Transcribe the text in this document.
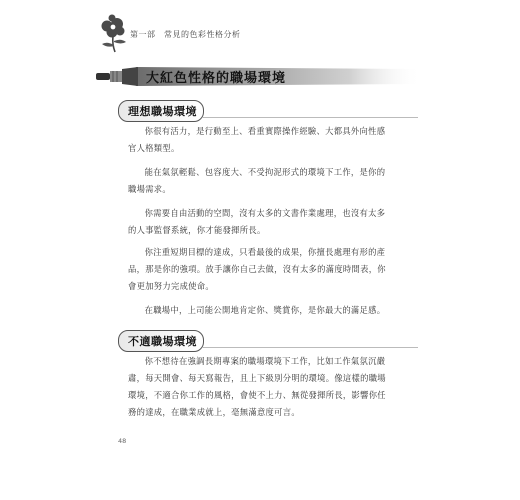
第一部　常見的色彩性格分析
大紅色性格的職場環境
理想職場環境

你很有活力，是行動至上、看重實際操作經驗、大都具外向性感官人格類型。

能在氣氛輕鬆、包容度大、不受拘泥形式的環境下工作，是你的職場需求。

你需要自由活動的空間，沒有太多的文書作業處理，也沒有太多的人事監督系統，你才能發揮所長。

你注重短期目標的達成，只看最後的成果，你擅長處理有形的產品，那是你的強項。放手讓你自己去做，沒有太多的滿度時間表，你會更加努力完成使命。

在職場中，上司能公開地肯定你、獎賞你，是你最大的滿足感。

不適職場環境

你不想待在強調長期專案的職場環境下工作，比如工作氣氛沉嚴肅，每天開會、每天寫報告，且上下級別分明的環境。像這樣的職場環境，不適合你工作的風格，會使不上力、無從發揮所長，影響你任務的達成，在職業成就上，毫無滿意度可言。

48
